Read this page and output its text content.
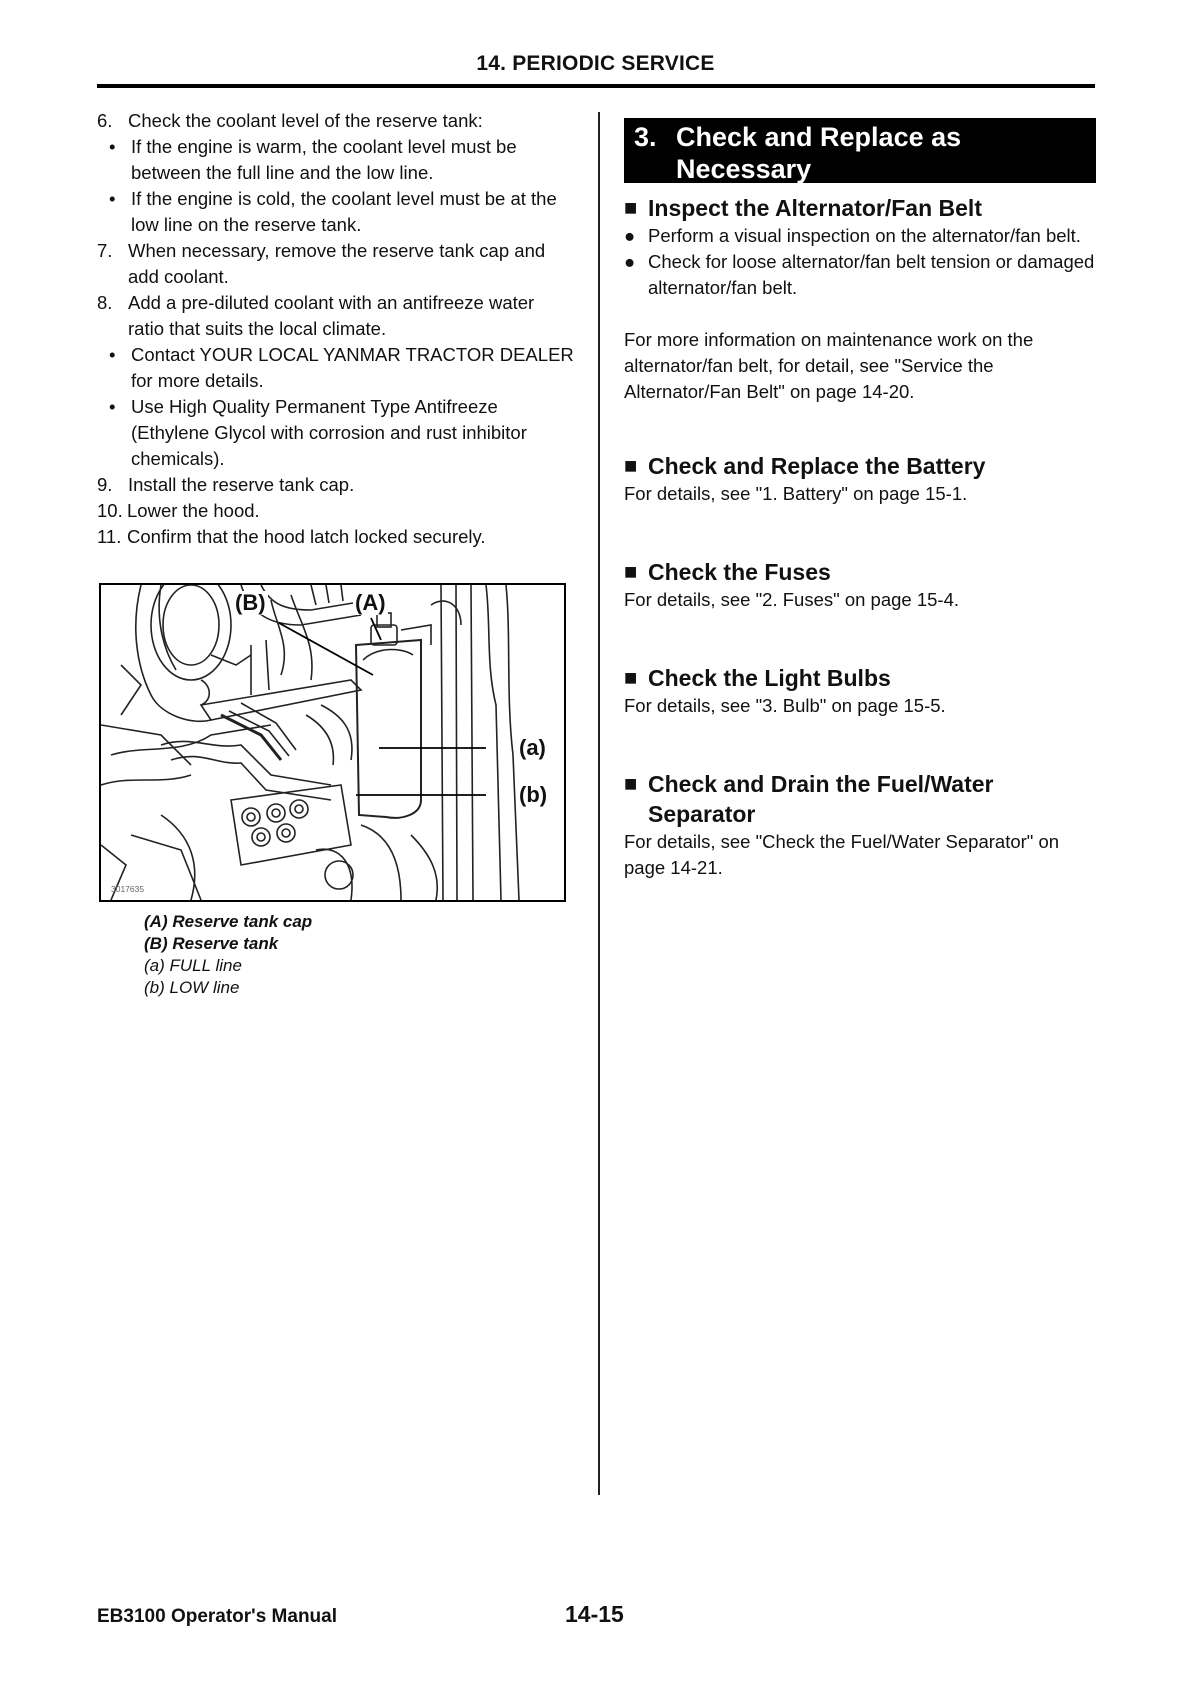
14. PERIODIC SERVICE
6. Check the coolant level of the reserve tank:
• If the engine is warm, the coolant level must be between the full line and the low line.
• If the engine is cold, the coolant level must be at the low line on the reserve tank.
7. When necessary, remove the reserve tank cap and add coolant.
8. Add a pre-diluted coolant with an antifreeze water ratio that suits the local climate.
• Contact YOUR LOCAL YANMAR TRACTOR DEALER for more details.
• Use High Quality Permanent Type Antifreeze (Ethylene Glycol with corrosion and rust inhibitor chemicals).
9. Install the reserve tank cap.
10. Lower the hood.
11. Confirm that the hood latch locked securely.
(B)	(A)
(a)
(b)
3017635
(A) Reserve tank cap
(B) Reserve tank
(a) FULL line
(b) LOW line
3. Check and Replace as Necessary
■ Inspect the Alternator/Fan Belt
● Perform a visual inspection on the alternator/fan belt.
● Check for loose alternator/fan belt tension or damaged alternator/fan belt.

For more information on maintenance work on the alternator/fan belt, for detail, see "Service the Alternator/Fan Belt" on page 14-20.

■ Check and Replace the Battery

For details, see "1. Battery" on page 15-1.

■ Check the Fuses

For details, see "2. Fuses" on page 15-4.

■ Check the Light Bulbs

For details, see "3. Bulb" on page 15-5.

■ Check and Drain the Fuel/Water Separator

For details, see "Check the Fuel/Water Separator" on page 14-21.

EB3100 Operator's Manual	14-15
